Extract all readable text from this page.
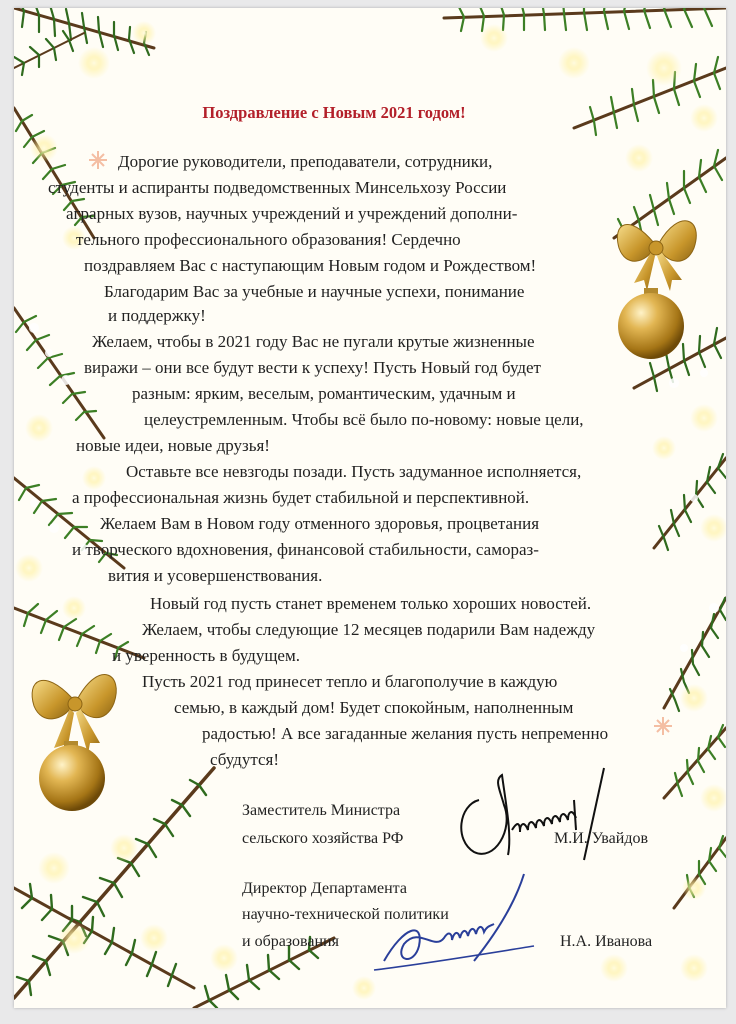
Поздравление с Новым 2021 годом!
Дорогие руководители, преподаватели, сотрудники,
студенты и аспиранты подведомственных Минсельхозу России
аграрных вузов, научных учреждений и учреждений дополни-
тельного профессионального образования! Сердечно
поздравляем Вас с наступающим Новым годом и Рождеством!
Благодарим Вас за учебные и научные успехи, понимание
и поддержку!
Желаем, чтобы в 2021 году Вас не пугали крутые жизненные
виражи – они все будут вести к успеху! Пусть Новый год будет
разным: ярким, веселым, романтическим, удачным и
целеустремленным. Чтобы всё было по-новому: новые цели,
новые идеи, новые друзья!
Оставьте все невзгоды позади. Пусть задуманное исполняется,
а профессиональная жизнь будет стабильной и перспективной.
Желаем Вам в Новом году отменного здоровья, процветания
и творческого вдохновения, финансовой стабильности, самораз-
вития и усовершенствования.
Новый год пусть станет временем только хороших новостей.
Желаем, чтобы следующие 12 месяцев подарили Вам надежду
и уверенность в будущем.
Пусть 2021 год принесет тепло и благополучие в каждую
семью, в каждый дом! Будет спокойным, наполненным
радостью! А все загаданные желания пусть непременно
сбудутся!
Заместитель Министра
сельского хозяйства РФ	М.И. Увайдов
Директор Департамента
научно-технической политики
и образования	Н.А. Иванова
